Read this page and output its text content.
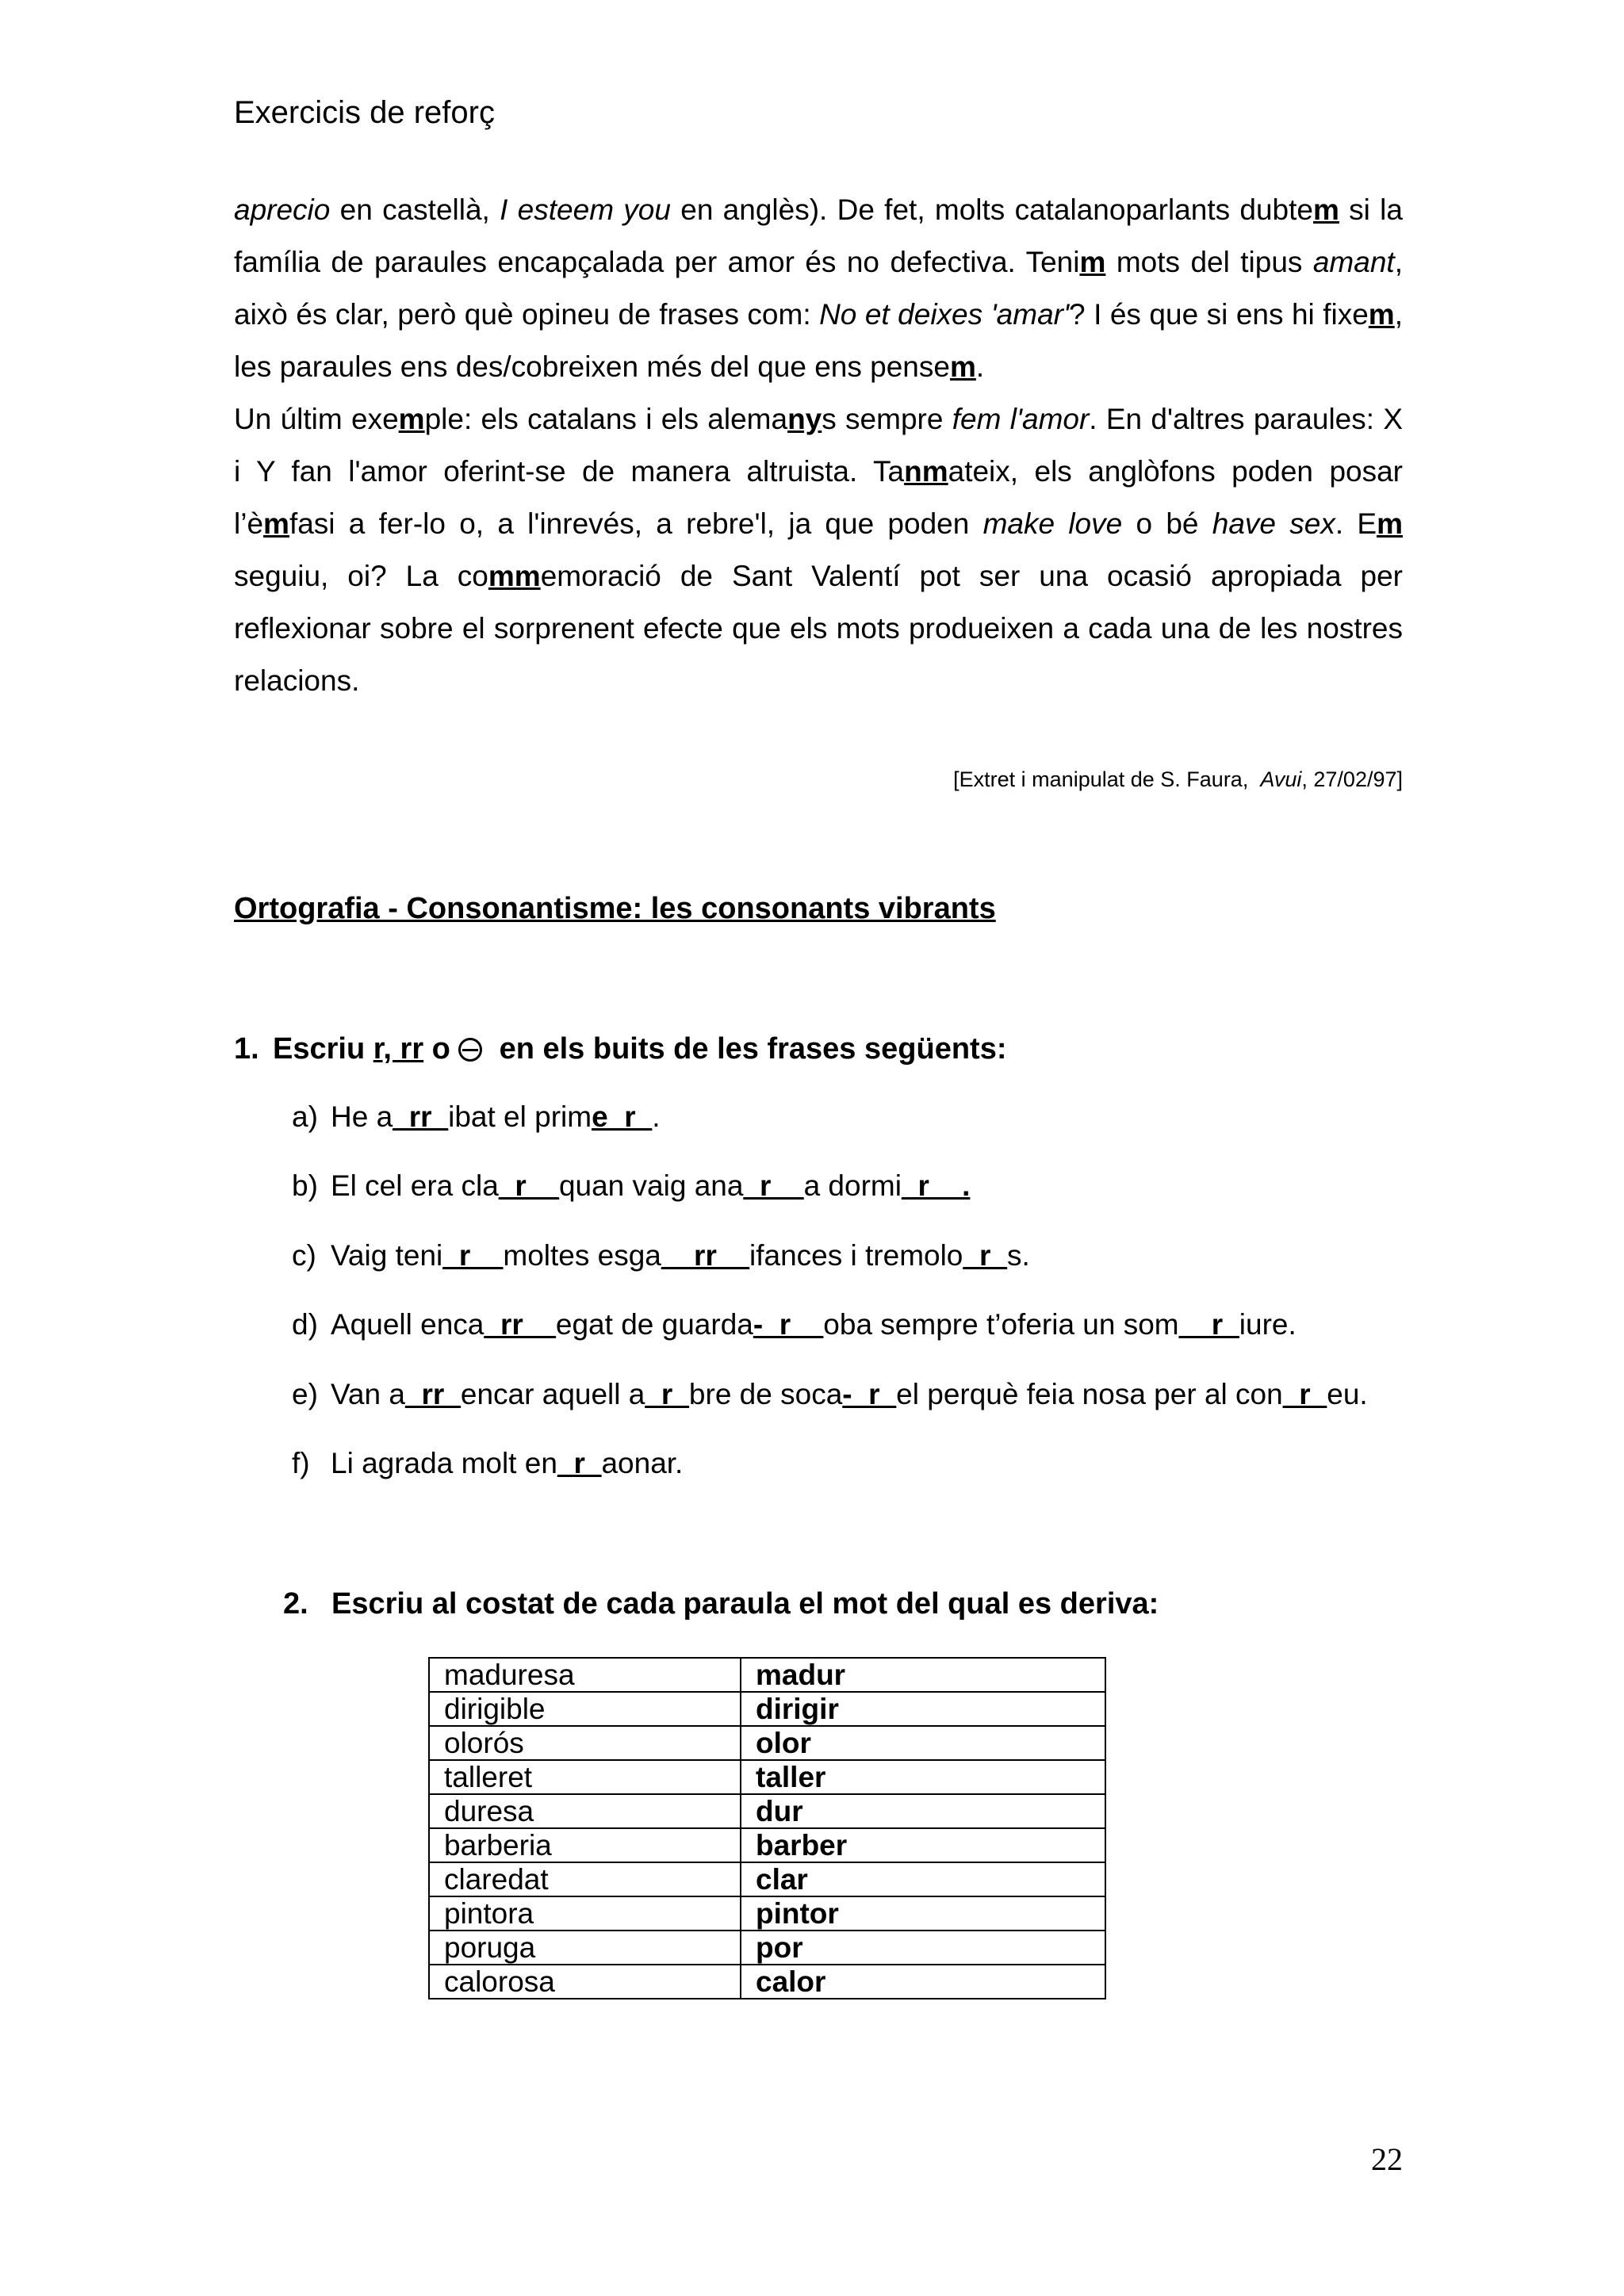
Exercicis de reforç

aprecio en castellà, I esteem you en anglès). De fet, molts catalanoparlants dubtem si la família de paraules encapçalada per amor és no defectiva. Tenim mots del tipus amant, això és clar, però què opineu de frases com: No et deixes 'amar'? I és que si ens hi fixem, les paraules ens des/cobreixen més del que ens pensem.

Un últim exemple: els catalans i els alemanys sempre fem l'amor. En d'altres paraules: X i Y fan l'amor oferint-se de manera altruista. Tanmateix, els anglòfons poden posar l’èmfasi a fer-lo o, a l'inrevés, a rebre'l, ja que poden make love o bé have sex. Em seguiu, oi? La commemoració de Sant Valentí pot ser una ocasió apropiada per reflexionar sobre el sorprenent efecte que els mots produeixen a cada una de les nostres relacions.

[Extret i manipulat de S. Faura,  Avui, 27/02/97]
Ortografia - Consonantisme: les consonants vibrants
1. Escriu r, rr o   en els buits de les frases següents:
a) He a_rr_ibat el prime_r_.
b) El cel era cla_r__quan vaig ana_r__a dormi_r__.
c) Vaig teni_r__moltes esga__rr__ifances i tremolo_r_s.
d) Aquell enca_rr__egat de guarda-_r__oba sempre t’oferia un som__r_iure.
e) Van a_rr_encar aquell a_r_bre de soca-_r_el perquè feia nosa per al con_r_eu.
f) Li agrada molt en_r_aonar.
2. Escriu al costat de cada paraula el mot del qual es deriva:
maduresa	madur
dirigible	dirigir
olorós	olor
talleret	taller
duresa	dur
barberia	barber
claredat	clar
pintora	pintor
poruga	por
calorosa	calor
22
